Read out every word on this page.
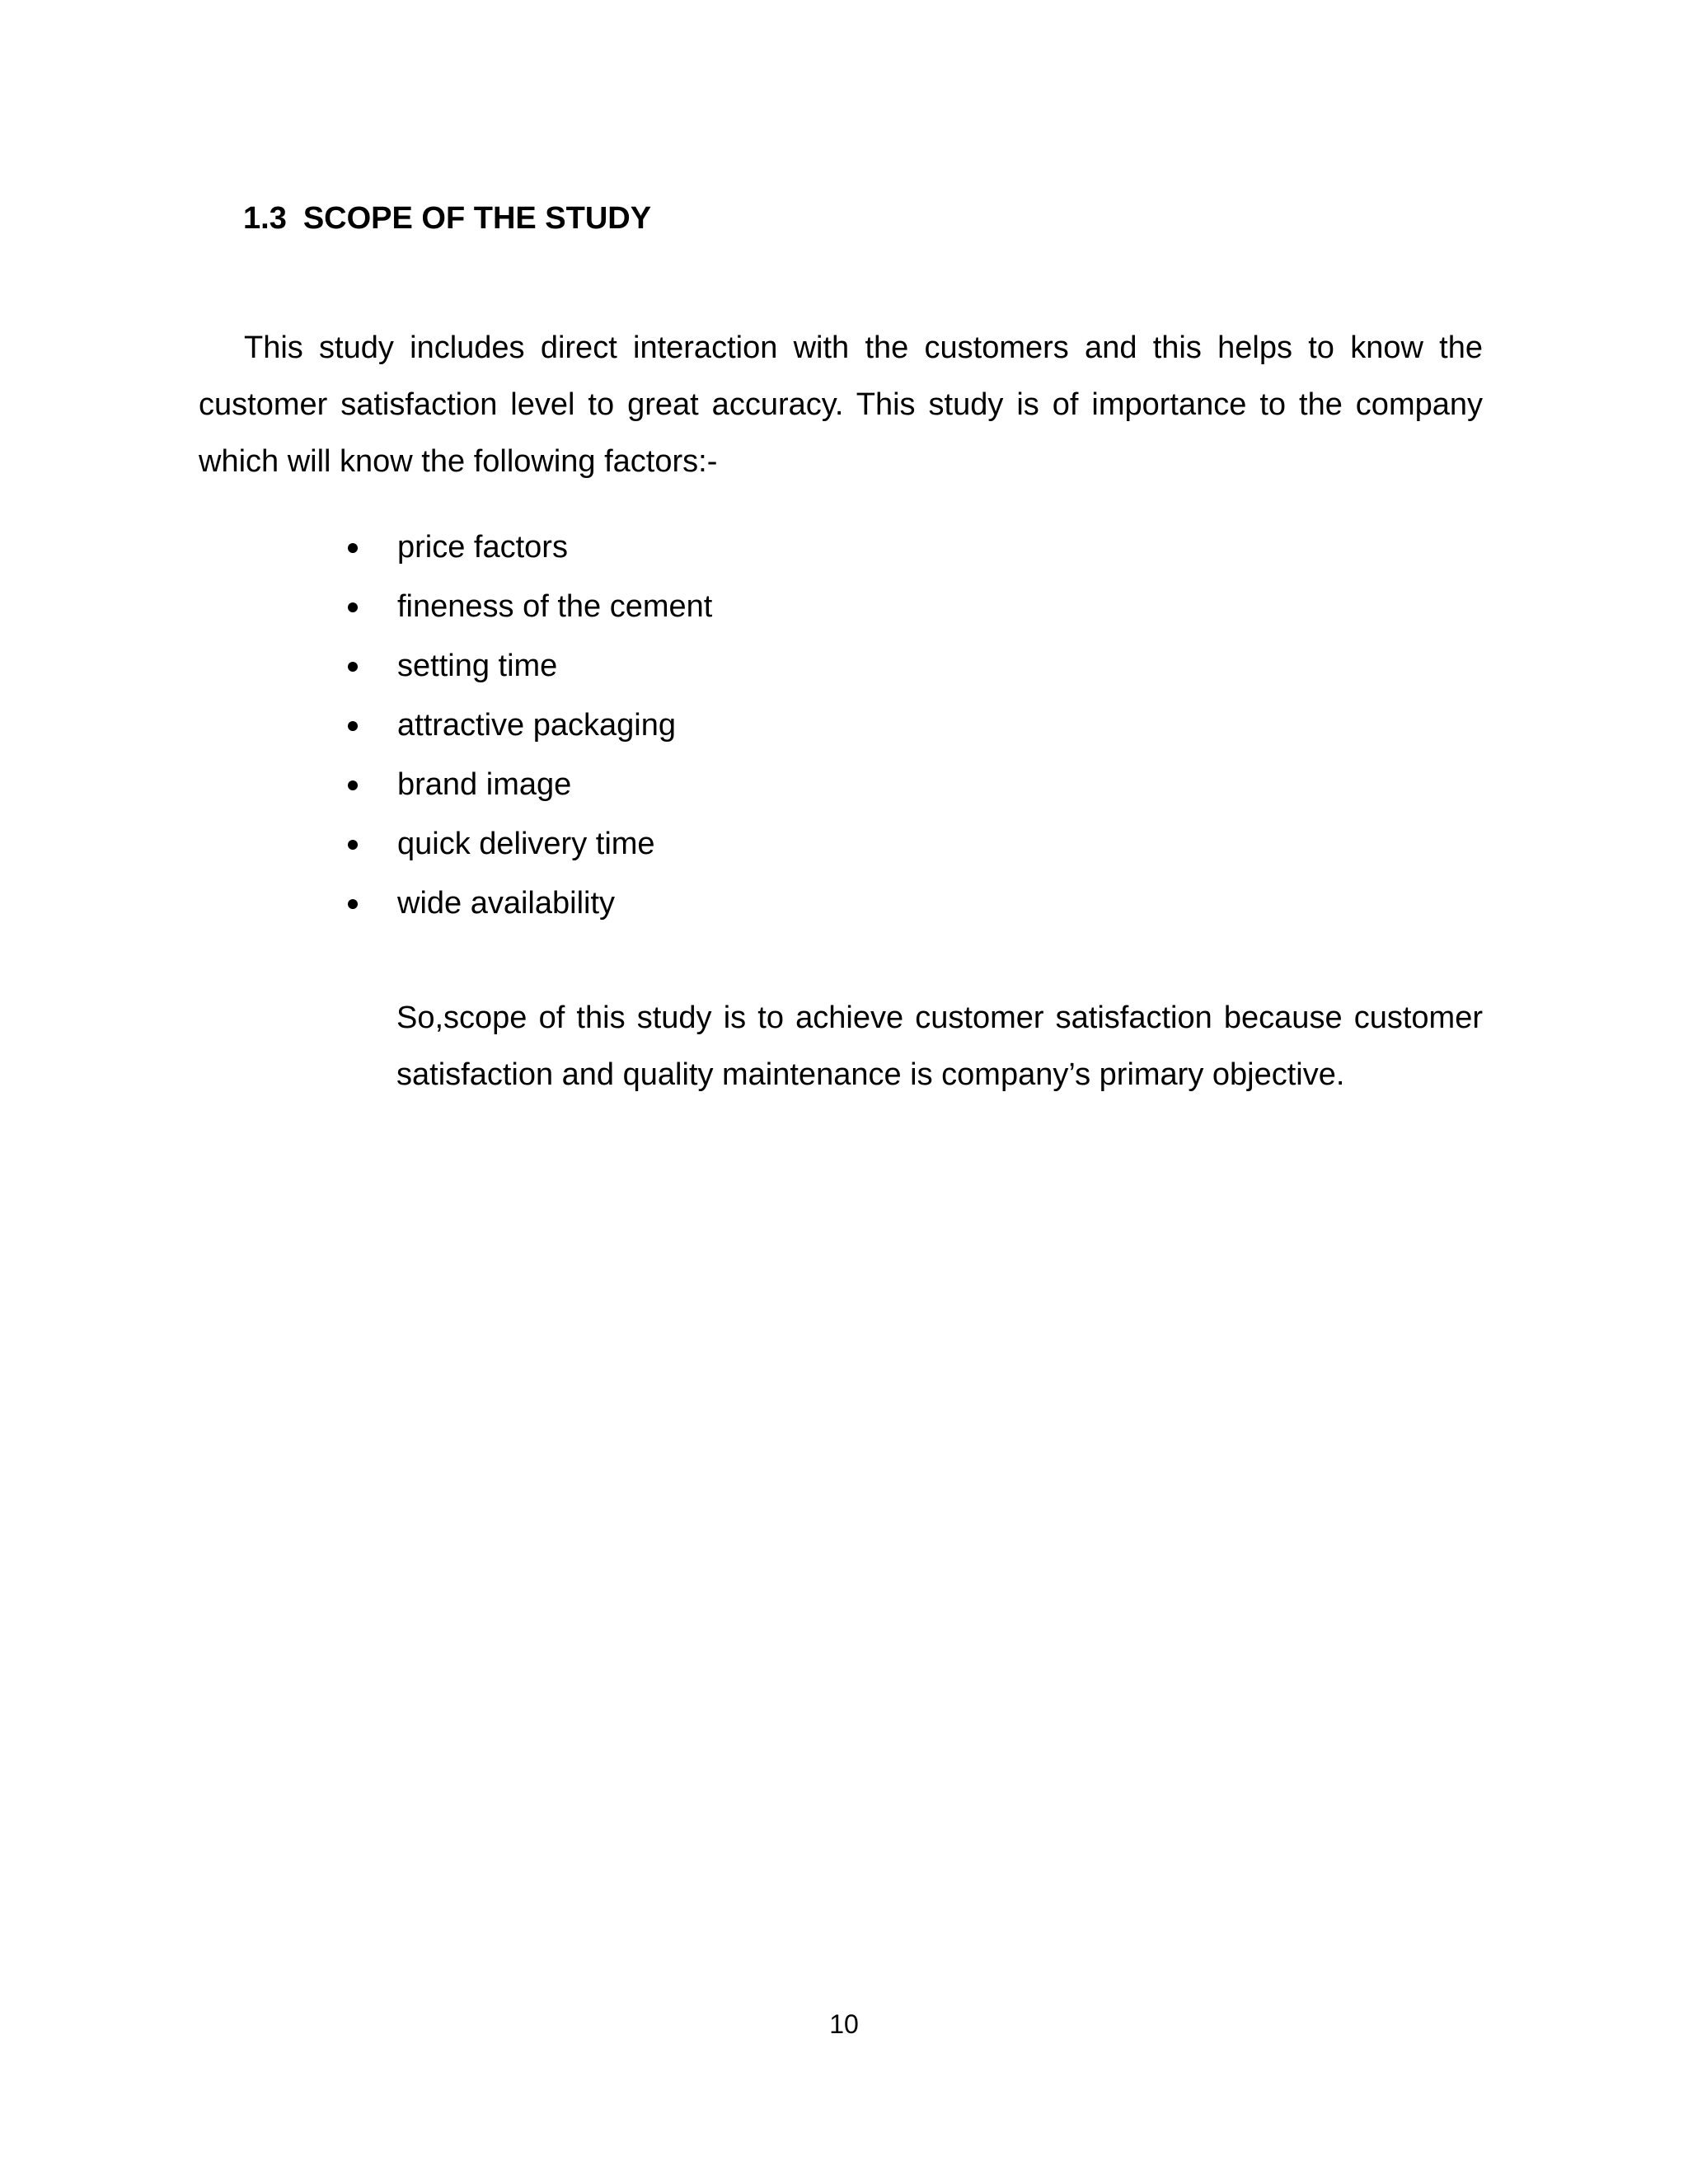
1.3 SCOPE OF THE STUDY

This study includes direct interaction with the customers and this helps to know the customer satisfaction level to great accuracy. This study is of importance to the company which will know the following factors:-

price factors
fineness of the cement
setting time
attractive packaging
brand image
quick delivery time
wide availability

So,scope of this study is to achieve customer satisfaction because customer satisfaction and quality maintenance is company’s primary objective.

10
